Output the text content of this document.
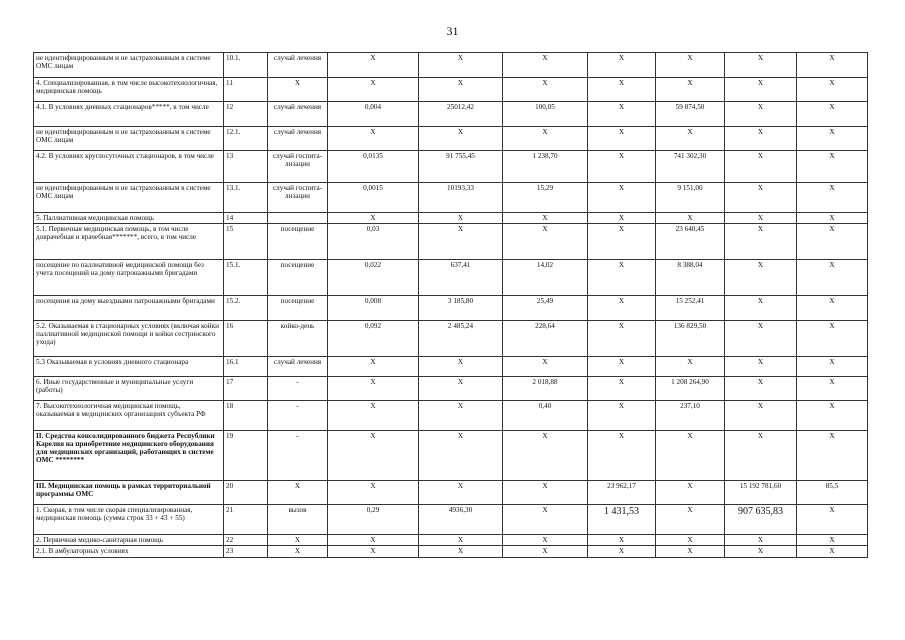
31
не идентифицированным и не застрахованным в системе ОМС лицам	10.1.	случай лечения	X	X	X	X	X	X	X
4. Специализированная, в том числе высокотехнологичная, медицинская помощь	11	X	X	X	X	X	X	X	X
4.1. В условиях дневных стационаров*****, в том числе	12	случай лечения	0,004	25012,42	100,05	X	59 874,50	X	X
не идентифицированным и не застрахованным в системе ОМС лицам	12.1.	случай лечения	X	X	X	X	X	X	X
4.2. В условиях круглосуточных стационаров, в том числе	13	случай госпита-лизации	0,0135	91 755,45	1 238,70	X	741 302,30	X	X
не идентифицированным и не застрахованным в системе ОМС лицам	13.1.	случай госпита-лизации	0,0015	10193,33	15,29	X	9 151,00	X	X
5. Паллиативная медицинская помощь	14		X	X	X	X	X	X	X
5.1. Первичная медицинская помощь, в том числе доврачебная и врачебная*******, всего, в том числе	15	посещение	0,03	X	X	X	23 640,45	X	X
посещение по паллиативной медицинской помощи без учета посещений на дому патронажными бригадами	15.1.	посещение	0,022	637,41	14,02	X	8 388,04	X	X
посещения на дому выездными патронажными бригадами	15.2.	посещение	0,008	3 185,80	25,49	X	15 252,41	X	X
5.2. Оказываемая в стационарных условиях (включая койки паллиативной медицинской помощи и койки сестринского ухода)	16	койко-день	0,092	2 485,24	228,64	X	136 829,50	X	X
5.3 Оказываемая в условиях дневного стационара	16.1	случай лечения	X	X	X	X	X	X	X
6. Иные государственные и муниципальные услуги (работы)	17	-	X	X	2 018,88	X	1 208 264,90	X	X
7. Высокотехнологичная медицинская помощь, оказываемая в медицинских организациях субъекта РФ	18	-	X	X	0,40	X	237,10	X	X
II. Средства консолидированного бюджета Республики Карелия на приобретение медицинского оборудования для медицинских организаций, работающих в системе ОМС ********	19	-	X	X	X	X	X	X	X
III. Медицинская помощь в рамках территориальной программы ОМС	20	X	X	X	X	23 962,17	X	15 192 781,60	85,5
1. Скорая, в том числе скорая специализированная, медицинская помощь (сумма строк 33 + 43 + 55)	21	вызов	0,29	4936,30	X	1 431,53	X	907 635,83	X
2. Первичная медико-санитарная помощь	22	X	X	X	X	X	X	X	X
2.1. В амбулаторных условиях	23	X	X	X	X	X	X	X	X
